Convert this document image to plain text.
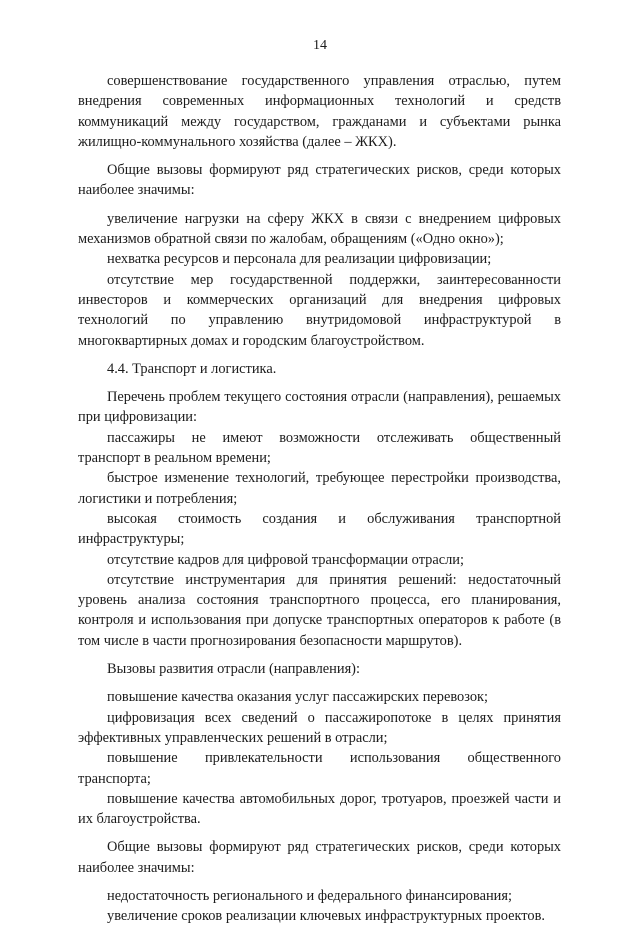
14

совершенствование государственного управления отраслью, путем внедрения современных информационных технологий и средств коммуникаций между государством, гражданами и субъектами рынка жилищно-коммунального хозяйства (далее – ЖКХ).

Общие вызовы формируют ряд стратегических рисков, среди которых наиболее значимы:

увеличение нагрузки на сферу ЖКХ в связи с внедрением цифровых механизмов обратной связи по жалобам, обращениям («Одно окно»);

нехватка ресурсов и персонала для реализации цифровизации;

отсутствие мер государственной поддержки, заинтересованности инвесторов и коммерческих организаций для внедрения цифровых технологий по управлению внутридомовой инфраструктурой в многоквартирных домах и городским благоустройством.

4.4. Транспорт и логистика.

Перечень проблем текущего состояния отрасли (направления), решаемых при цифровизации:

пассажиры не имеют возможности отслеживать общественный транспорт в реальном времени;

быстрое изменение технологий, требующее перестройки производства, логистики и потребления;

высокая стоимость создания и обслуживания транспортной инфраструктуры;

отсутствие кадров для цифровой трансформации отрасли;

отсутствие инструментария для принятия решений: недостаточный уровень анализа состояния транспортного процесса, его планирования, контроля и использования при допуске транспортных операторов к работе (в том числе в части прогнозирования безопасности маршрутов).

Вызовы развития отрасли (направления):

повышение качества оказания услуг пассажирских перевозок;

цифровизация всех сведений о пассажиропотоке в целях принятия эффективных управленческих решений в отрасли;

повышение привлекательности использования общественного транспорта;

повышение качества автомобильных дорог, тротуаров, проезжей части и их благоустройства.

Общие вызовы формируют ряд стратегических рисков, среди которых наиболее значимы:

недостаточность регионального и федерального финансирования;

увеличение сроков реализации ключевых инфраструктурных проектов.
